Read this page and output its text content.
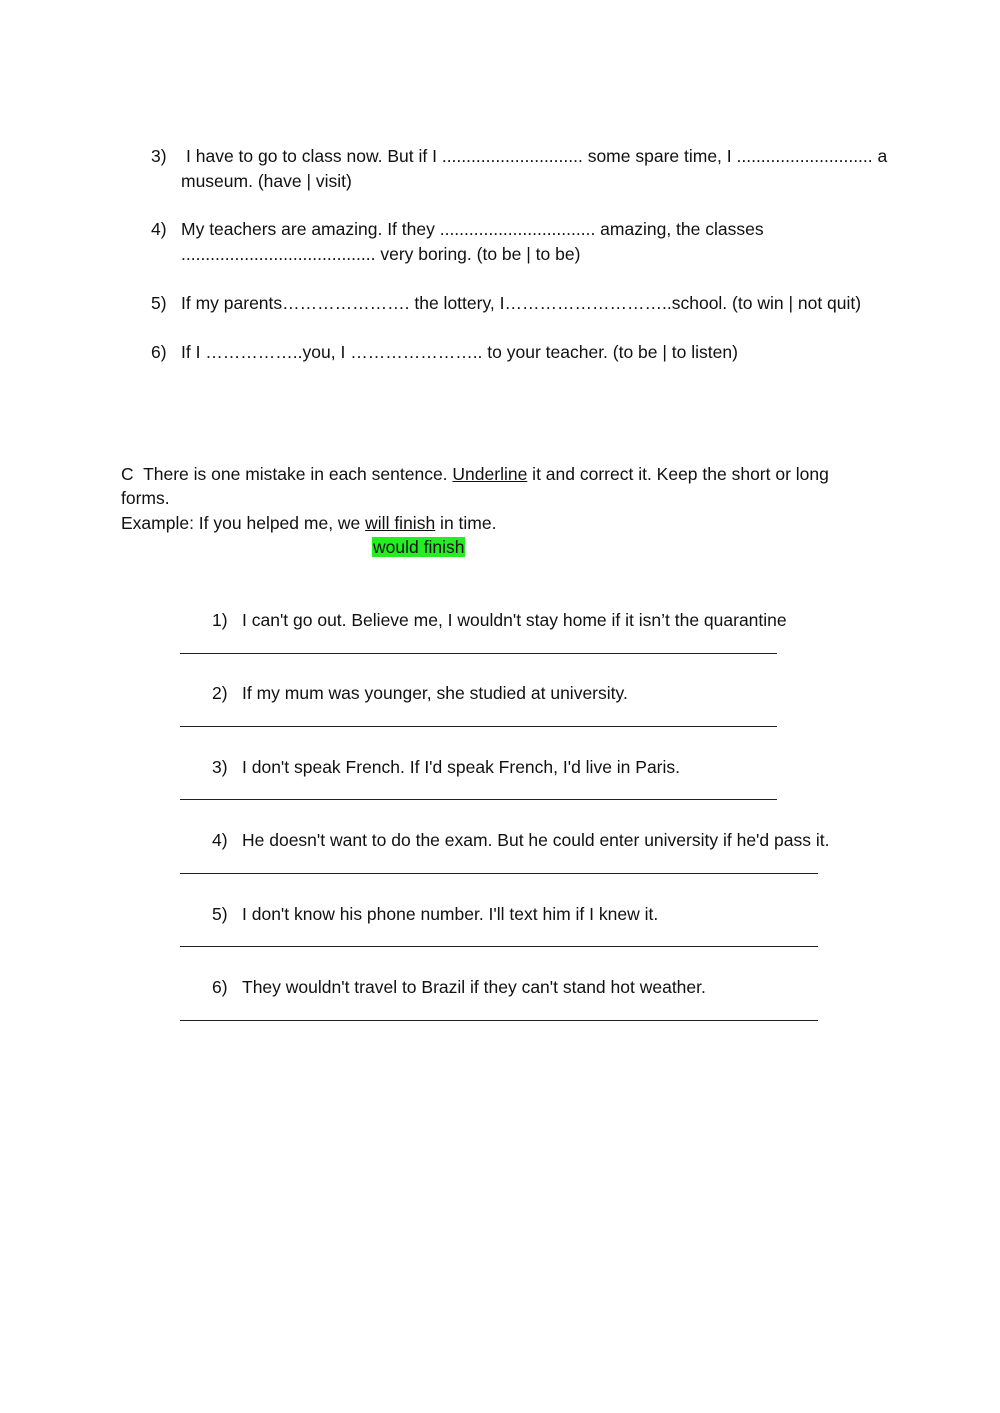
3) I have to go to class now. But if I ............................. some spare time, I ............................ a
museum. (have | visit)
4) My teachers are amazing. If they ................................ amazing, the classes
........................................ very boring. (to be | to be)
5) If my parents…………………. the lottery, I………………………..school. (to win | not quit)
6) If I ……………..you, I ………………….. to your teacher. (to be | to listen)
C There is one mistake in each sentence. Underline it and correct it. Keep the short or long
forms.
Example: If you helped me, we will finish in time.
would finish
1) I can't go out. Believe me, I wouldn't stay home if it isn’t the quarantine
2) If my mum was younger, she studied at university.
3) I don't speak French. If I'd speak French, I'd live in Paris.
4) He doesn't want to do the exam. But he could enter university if he'd pass it.
5) I don't know his phone number. I'll text him if I knew it.
6) They wouldn't travel to Brazil if they can't stand hot weather.
